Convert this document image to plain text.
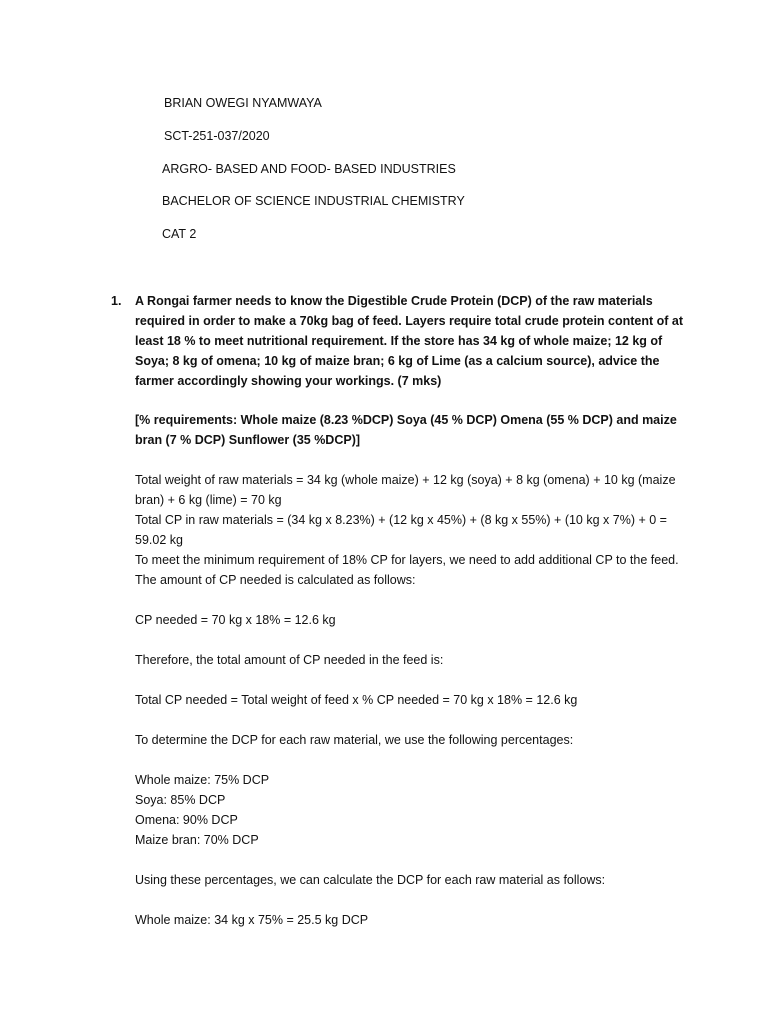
BRIAN OWEGI NYAMWAYA
SCT-251-037/2020
ARGRO- BASED AND FOOD- BASED INDUSTRIES
BACHELOR OF SCIENCE INDUSTRIAL CHEMISTRY
CAT 2
1. A Rongai farmer needs to know the Digestible Crude Protein (DCP) of the raw materials required in order to make a 70kg bag of feed. Layers require total crude protein content of at least 18 % to meet nutritional requirement. If the store has 34 kg of whole maize; 12 kg of Soya; 8 kg of omena; 10 kg of maize bran; 6 kg of Lime (as a calcium source), advice the farmer accordingly showing your workings. (7 mks)
[% requirements: Whole maize (8.23 %DCP) Soya (45 % DCP) Omena (55 % DCP) and maize bran (7 % DCP) Sunflower (35 %DCP)]
Total weight of raw materials = 34 kg (whole maize) + 12 kg (soya) + 8 kg (omena) + 10 kg (maize bran) + 6 kg (lime) = 70 kg
Total CP in raw materials = (34 kg x 8.23%) + (12 kg x 45%) + (8 kg x 55%) + (10 kg x 7%) + 0 = 59.02 kg
To meet the minimum requirement of 18% CP for layers, we need to add additional CP to the feed. The amount of CP needed is calculated as follows:
CP needed = 70 kg x 18% = 12.6 kg
Therefore, the total amount of CP needed in the feed is:
Total CP needed = Total weight of feed x % CP needed = 70 kg x 18% = 12.6 kg
To determine the DCP for each raw material, we use the following percentages:
Whole maize: 75% DCP
Soya: 85% DCP
Omena: 90% DCP
Maize bran: 70% DCP
Using these percentages, we can calculate the DCP for each raw material as follows:
Whole maize: 34 kg x 75% = 25.5 kg DCP
